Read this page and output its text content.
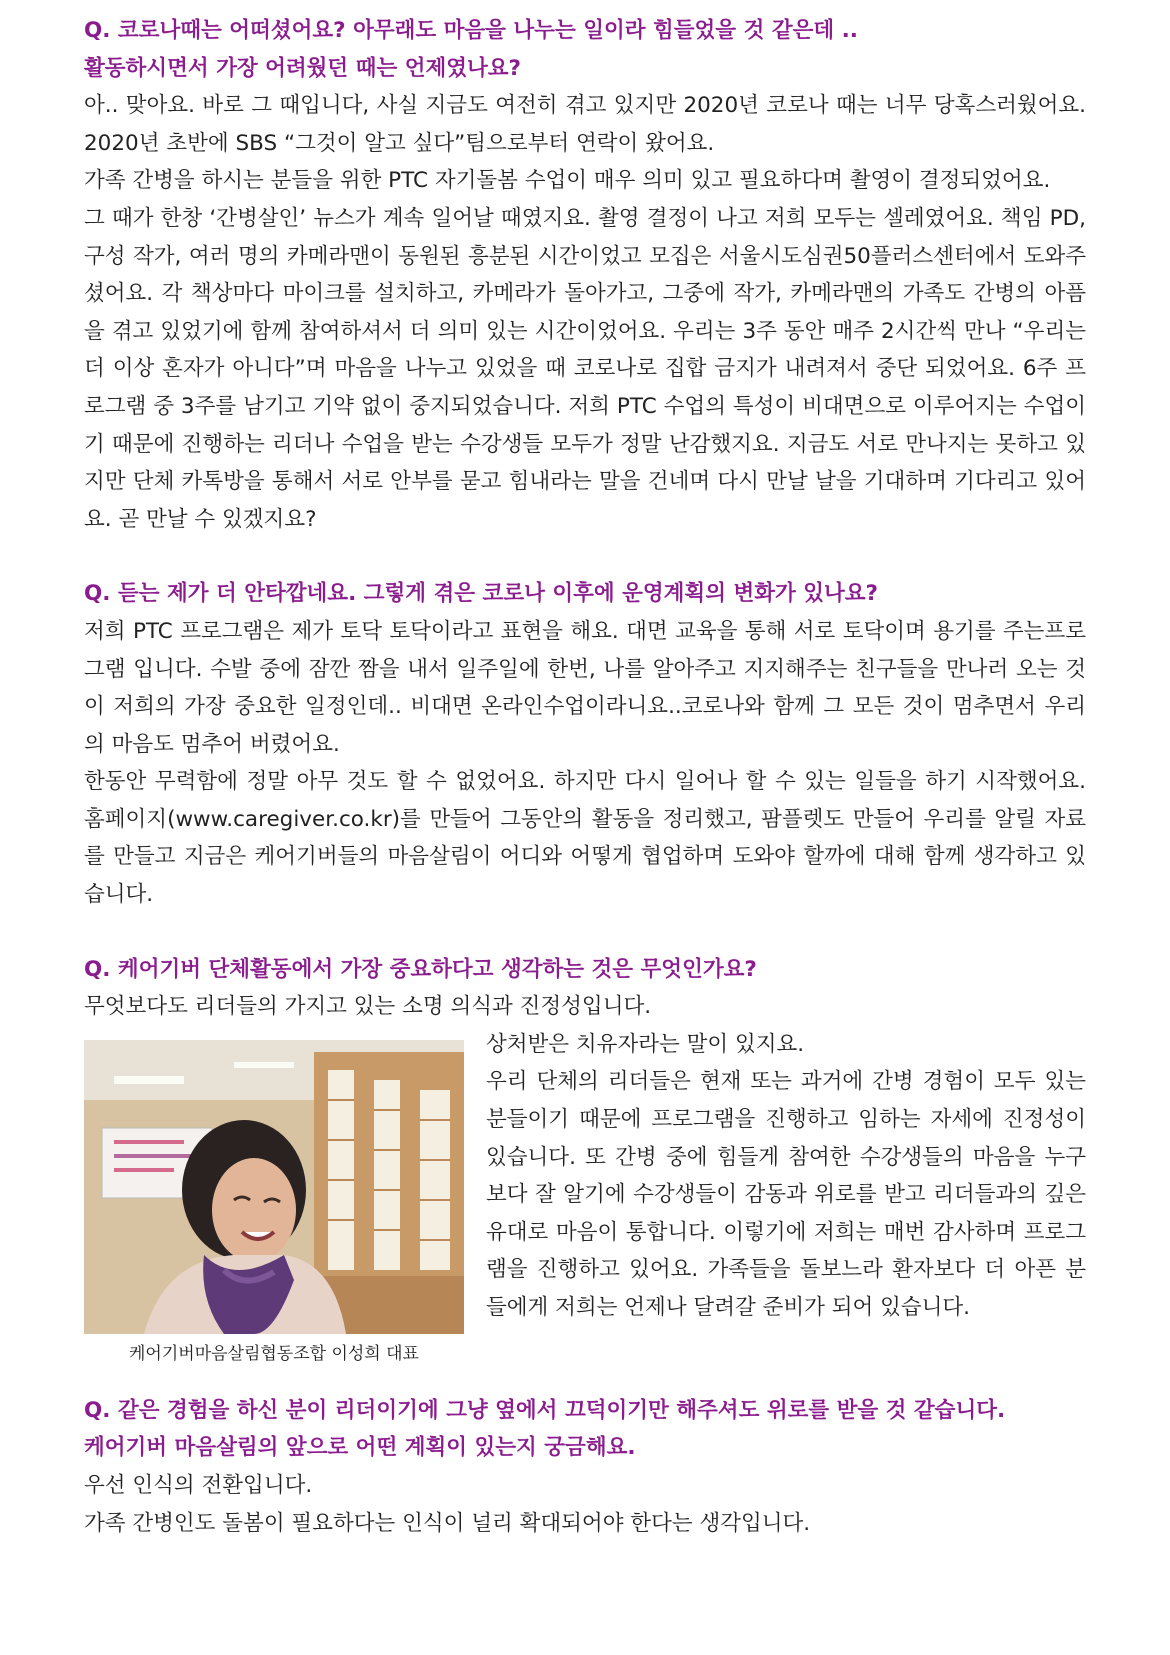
Q. 코로나때는 어떠셨어요? 아무래도 마음을 나누는 일이라 힘들었을 것 같은데 ..

활동하시면서 가장 어려웠던 때는 언제였나요?

아.. 맞아요. 바로 그 때입니다, 사실 지금도 여전히 겪고 있지만 2020년 코로나 때는 너무 당혹스러웠어요. 2020년 초반에 SBS “그것이 알고 싶다”팀으로부터 연락이 왔어요.

가족 간병을 하시는 분들을 위한 PTC 자기돌봄 수업이 매우 의미 있고 필요하다며 촬영이 결정되었어요.

그 때가 한창 ‘간병살인’ 뉴스가 계속 일어날 때였지요. 촬영 결정이 나고 저희 모두는 셀레였어요. 책임 PD, 구성 작가, 여러 명의 카메라맨이 동원된 흥분된 시간이었고 모집은 서울시도심권50플러스센터에서 도와주셨어요. 각 책상마다 마이크를 설치하고, 카메라가 돌아가고, 그중에 작가, 카메라맨의 가족도 간병의 아픔을 겪고 있었기에 함께 참여하셔서 더 의미 있는 시간이었어요. 우리는 3주 동안 매주 2시간씩 만나 “우리는 더 이상 혼자가 아니다”며 마음을 나누고 있었을 때 코로나로 집합 금지가 내려져서 중단 되었어요. 6주 프로그램 중 3주를 남기고 기약 없이 중지되었습니다. 저희 PTC 수업의 특성이 비대면으로 이루어지는 수업이기 때문에 진행하는 리더나 수업을 받는 수강생들 모두가 정말 난감했지요. 지금도 서로 만나지는 못하고 있지만 단체 카톡방을 통해서 서로 안부를 묻고 힘내라는 말을 건네며 다시 만날 날을 기대하며 기다리고 있어요. 곧 만날 수 있겠지요?

Q. 듣는 제가 더 안타깝네요. 그렇게 겪은 코로나 이후에 운영계획의 변화가 있나요?

저희 PTC 프로그램은 제가 토닥 토닥이라고 표현을 해요. 대면 교육을 통해 서로 토닥이며 용기를 주는프로그램 입니다. 수발 중에 잠깐 짬을 내서 일주일에 한번, 나를 알아주고 지지해주는 친구들을 만나러 오는 것이 저희의 가장 중요한 일정인데.. 비대면 온라인수업이라니요..코로나와 함께 그 모든 것이 멈추면서 우리의 마음도 멈추어 버렸어요.

한동안 무력함에 정말 아무 것도 할 수 없었어요. 하지만 다시 일어나 할 수 있는 일들을 하기 시작했어요. 홈페이지(www.caregiver.co.kr)를 만들어 그동안의 활동을 정리했고, 팜플렛도 만들어 우리를 알릴 자료를 만들고 지금은 케어기버들의 마음살림이 어디와 어떻게 협업하며 도와야 할까에 대해 함께 생각하고 있습니다.

Q. 케어기버 단체활동에서 가장 중요하다고 생각하는 것은 무엇인가요?

무엇보다도 리더들의 가지고 있는 소명 의식과 진정성입니다.

케어기버마음살림협동조합 이성희 대표

상처받은 치유자라는 말이 있지요.

우리 단체의 리더들은 현재 또는 과거에 간병 경험이 모두 있는 분들이기 때문에 프로그램을 진행하고 임하는 자세에 진정성이 있습니다. 또 간병 중에 힘들게 참여한 수강생들의 마음을 누구보다 잘 알기에 수강생들이 감동과 위로를 받고 리더들과의 깊은 유대로 마음이 통합니다. 이렇기에 저희는 매번 감사하며 프로그램을 진행하고 있어요. 가족들을 돌보느라 환자보다 더 아픈 분들에게 저희는 언제나 달려갈 준비가 되어 있습니다.

Q. 같은 경험을 하신 분이 리더이기에 그냥 옆에서 끄덕이기만 해주셔도 위로를 받을 것 같습니다.

케어기버 마음살림의 앞으로 어떤 계획이 있는지 궁금해요.

우선 인식의 전환입니다.

가족 간병인도 돌봄이 필요하다는 인식이 널리 확대되어야 한다는 생각입니다.
